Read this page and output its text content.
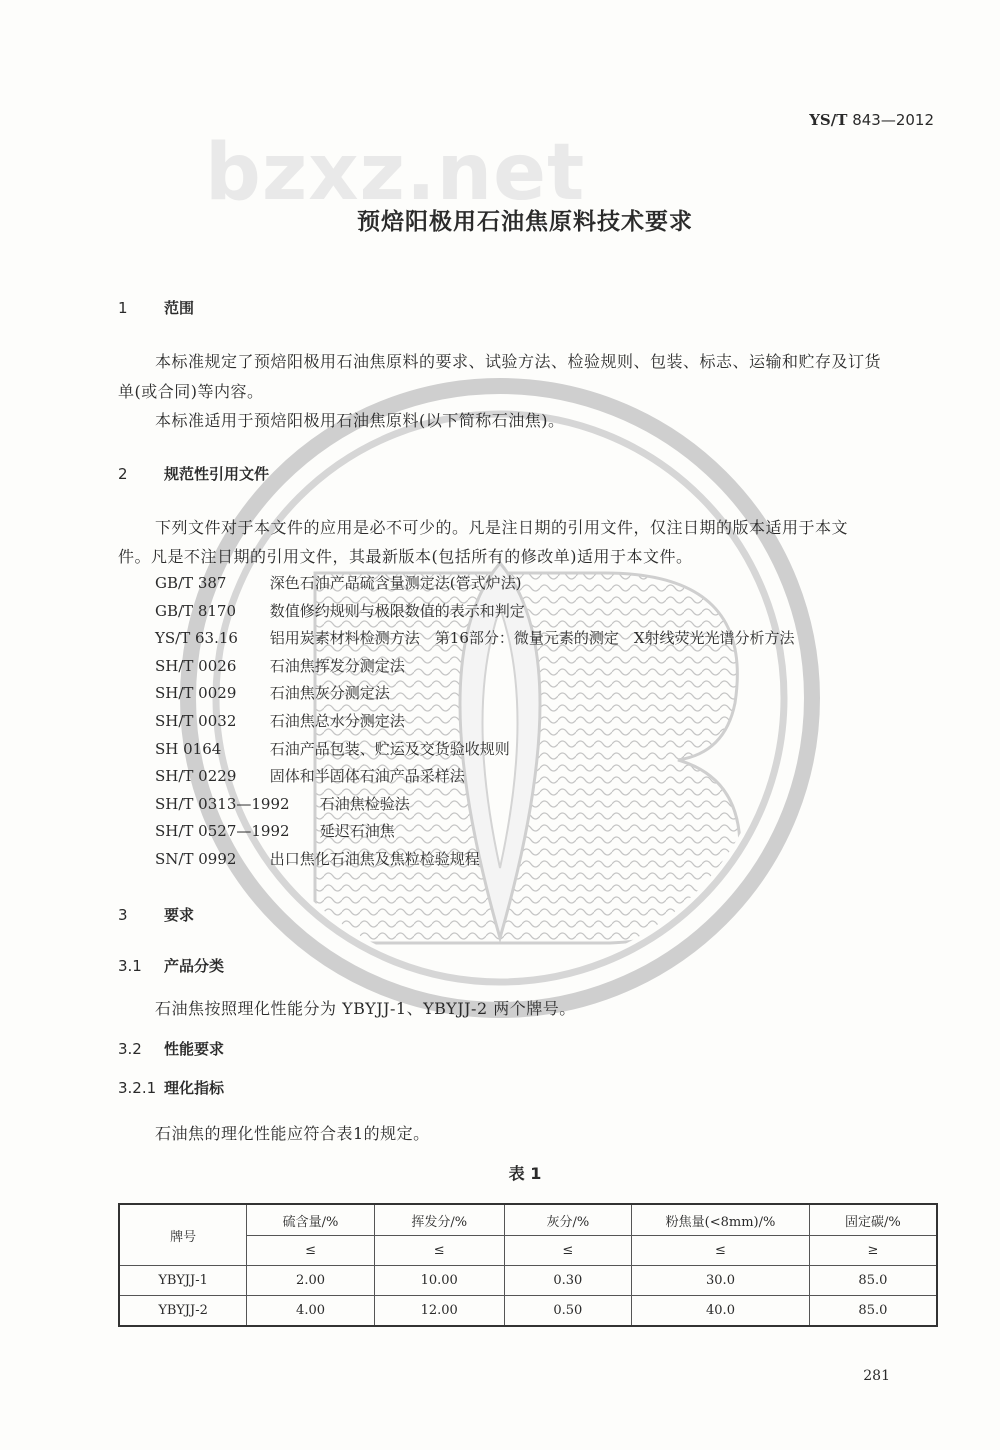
bzxz.net
YS/T 843—2012
预焙阳极用石油焦原料技术要求
1 范围
本标准规定了预焙阳极用石油焦原料的要求、试验方法、检验规则、包装、标志、运输和贮存及订货
单(或合同)等内容。
本标准适用于预焙阳极用石油焦原料(以下简称石油焦)。
2 规范性引用文件
下列文件对于本文件的应用是必不可少的。凡是注日期的引用文件，仅注日期的版本适用于本文
件。凡是不注日期的引用文件，其最新版本(包括所有的修改单)适用于本文件。
GB/T 387	深色石油产品硫含量测定法(管式炉法)
GB/T 8170 数值修约规则与极限数值的表示和判定
YS/T 63.16 铝用炭素材料检测方法　第16部分：微量元素的测定　X射线荧光光谱分析方法
SH/T 0026 石油焦挥发分测定法
SH/T 0029 石油焦灰分测定法
SH/T 0032 石油焦总水分测定法
SH 0164	石油产品包装、贮运及交货验收规则
SH/T 0229 固体和半固体石油产品采样法
SH/T 0313—1992 石油焦检验法
SH/T 0527—1992 延迟石油焦
SN/T 0992 出口焦化石油焦及焦粒检验规程
3 要求
3.1 产品分类
石油焦按照理化性能分为 YBYJJ-1、YBYJJ-2 两个牌号。
3.2 性能要求
3.2.1 理化指标
石油焦的理化性能应符合表1的规定。
表 1
牌号	硫含量/%	挥发分/%	灰分/%	粉焦量(<8mm)/%	固定碳/%
	≤	≤	≤	≤	≥
YBYJJ-1	2.00	10.00	0.30	30.0	85.0
YBYJJ-2	4.00	12.00	0.50	40.0	85.0
281
